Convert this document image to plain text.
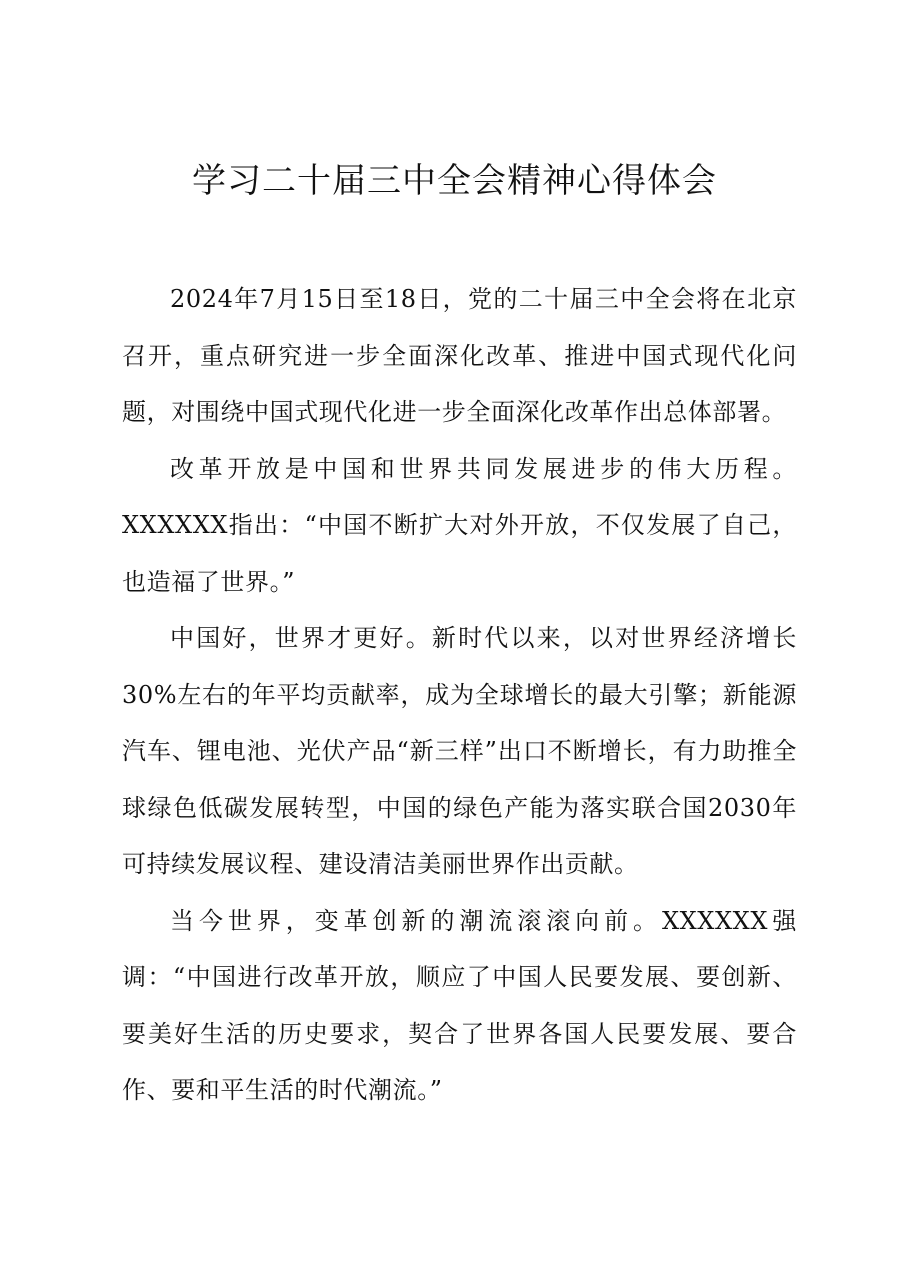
学习二十届三中全会精神心得体会

2024年7月15日至18日，党的二十届三中全会将在北京召开，重点研究进一步全面深化改革、推进中国式现代化问题，对围绕中国式现代化进一步全面深化改革作出总体部署。

改革开放是中国和世界共同发展进步的伟大历程。XXXXXX指出：“中国不断扩大对外开放，不仅发展了自己，也造福了世界。”

中国好，世界才更好。新时代以来，以对世界经济增长30%左右的年平均贡献率，成为全球增长的最大引擎；新能源汽车、锂电池、光伏产品“新三样”出口不断增长，有力助推全球绿色低碳发展转型，中国的绿色产能为落实联合国2030年可持续发展议程、建设清洁美丽世界作出贡献。

当今世界，变革创新的潮流滚滚向前。XXXXXX强调：“中国进行改革开放，顺应了中国人民要发展、要创新、要美好生活的历史要求，契合了世界各国人民要发展、要合作、要和平生活的时代潮流。”
